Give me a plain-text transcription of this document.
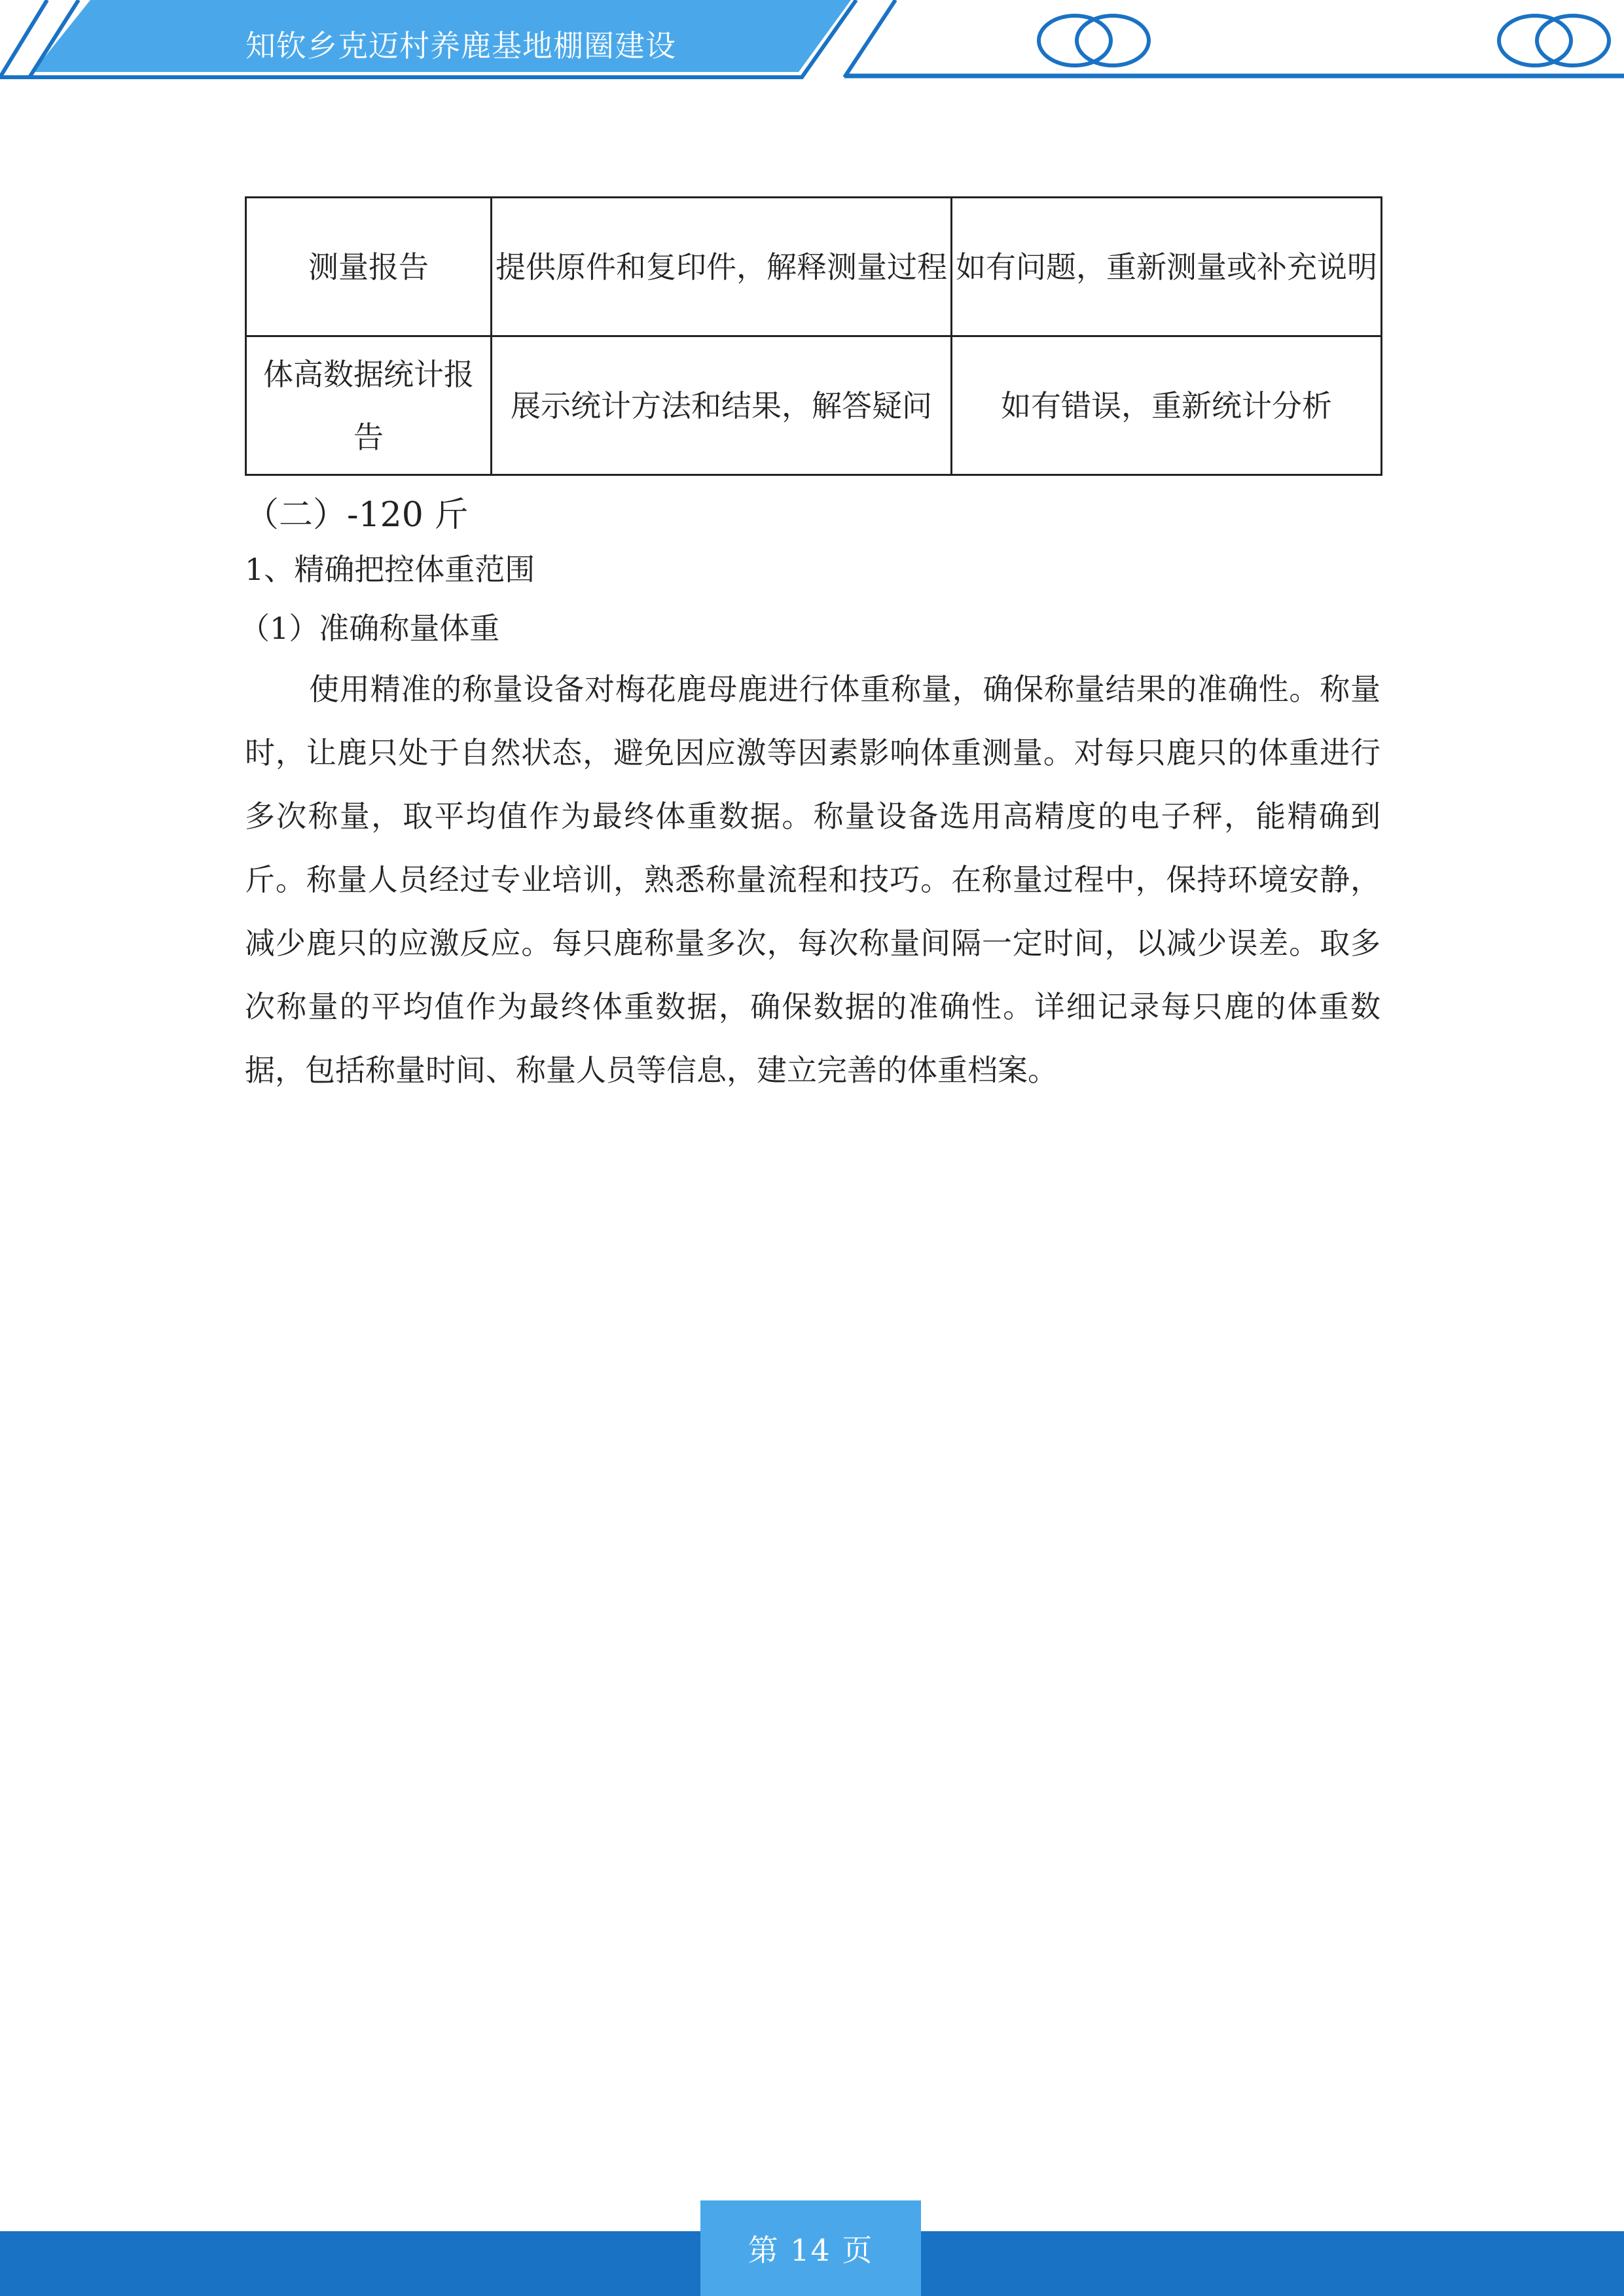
知钦乡克迈村养鹿基地棚圈建设
测量报告	提供原件和复印件，解释测量过程	如有问题，重新测量或补充说明
体高数据统计报告	展示统计方法和结果，解答疑问	如有错误，重新统计分析
（二）-120 斤
1、精确把控体重范围
（1）准确称量体重

使用精准的称量设备对梅花鹿母鹿进行体重称量，确保称量结果的准确性。称量时，让鹿只处于自然状态，避免因应激等因素影响体重测量。对每只鹿只的体重进行多次称量，取平均值作为最终体重数据。称量设备选用高精度的电子秤，能精确到斤。称量人员经过专业培训，熟悉称量流程和技巧。在称量过程中，保持环境安静，减少鹿只的应激反应。每只鹿称量多次，每次称量间隔一定时间，以减少误差。取多次称量的平均值作为最终体重数据，确保数据的准确性。详细记录每只鹿的体重数据，包括称量时间、称量人员等信息，建立完善的体重档案。

第 14 页
